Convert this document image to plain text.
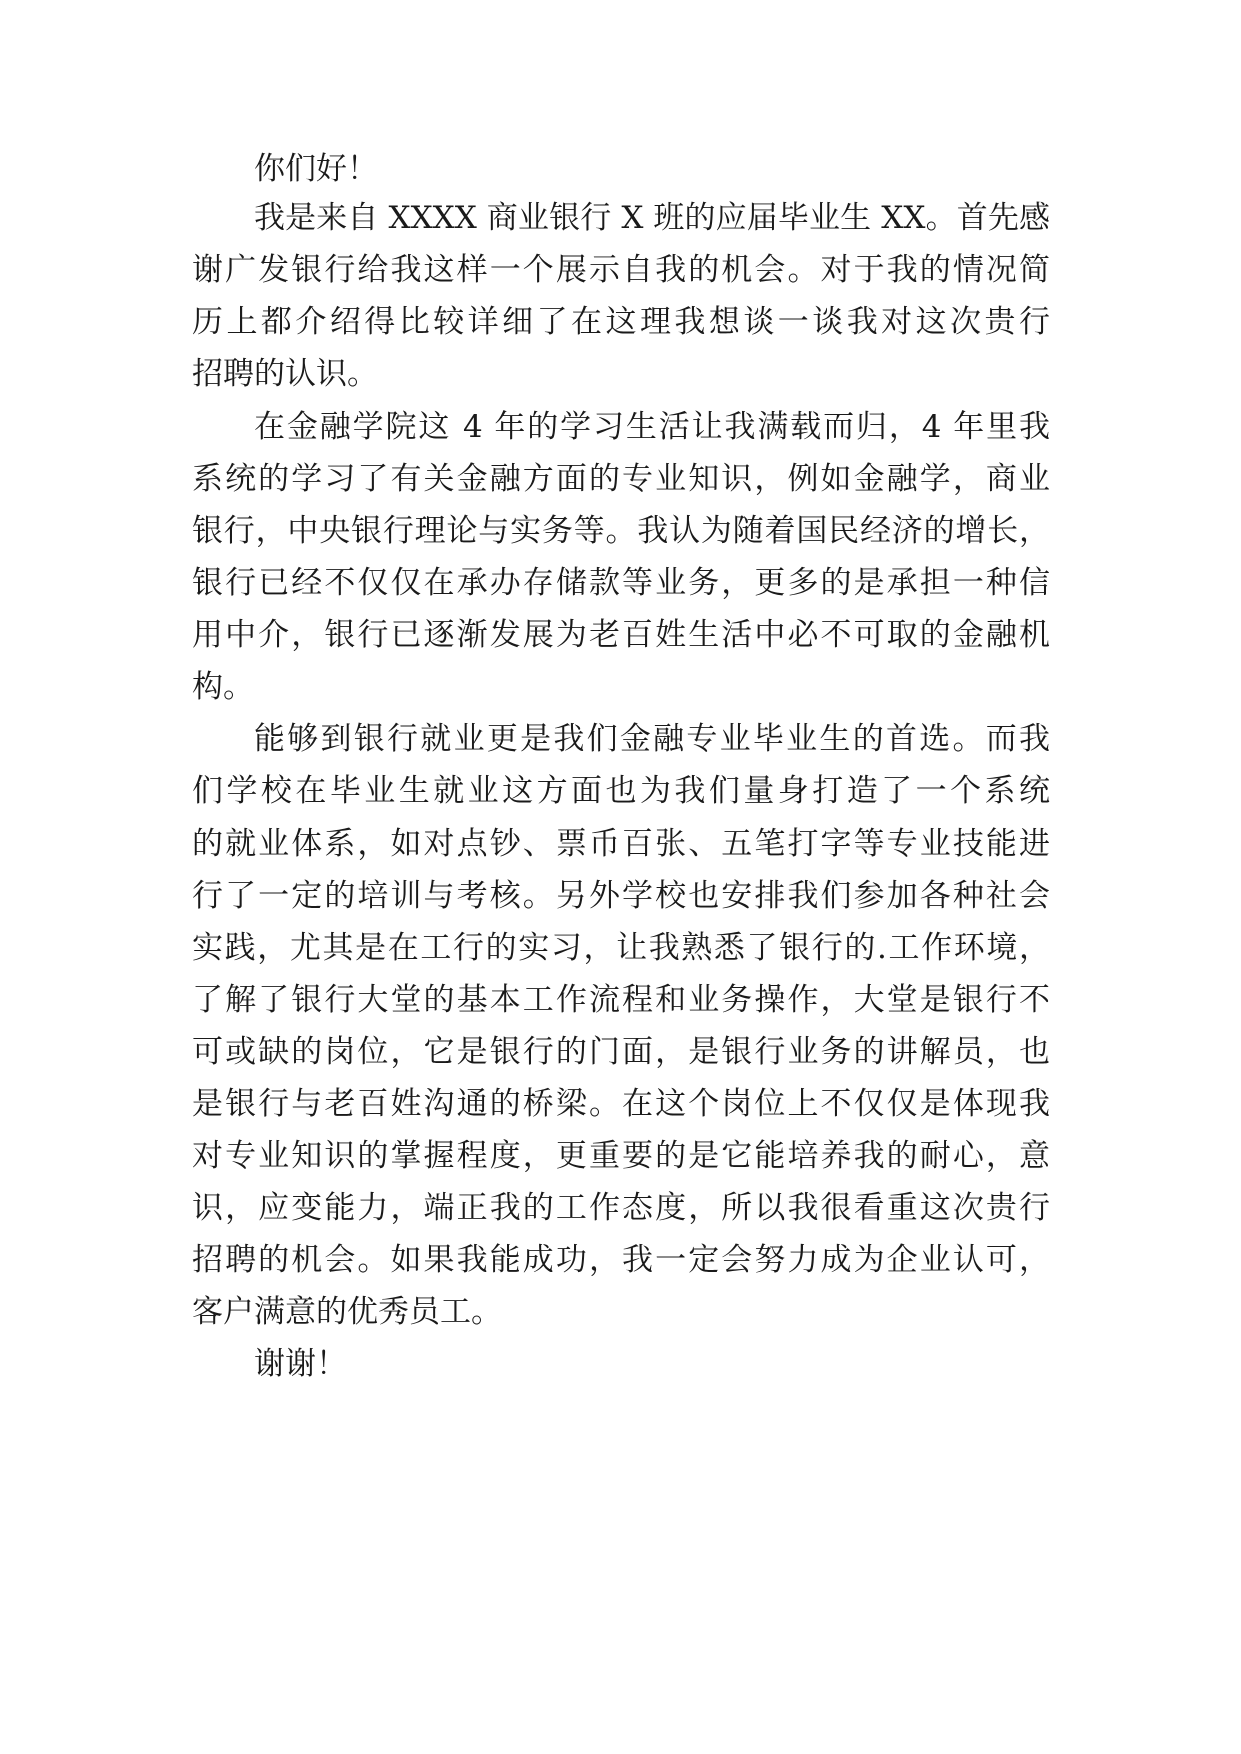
你们好！
我是来自 XXXX 商业银行 X 班的应届毕业生 XX。首先感
谢广发银行给我这样一个展示自我的机会。对于我的情况简
历上都介绍得比较详细了在这理我想谈一谈我对这次贵行
招聘的认识。
在金融学院这 4 年的学习生活让我满载而归，4 年里我
系统的学习了有关金融方面的专业知识，例如金融学，商业
银行，中央银行理论与实务等。我认为随着国民经济的增长，
银行已经不仅仅在承办存储款等业务，更多的是承担一种信
用中介，银行已逐渐发展为老百姓生活中必不可取的金融机
构。
能够到银行就业更是我们金融专业毕业生的首选。而我
们学校在毕业生就业这方面也为我们量身打造了一个系统
的就业体系，如对点钞、票币百张、五笔打字等专业技能进
行了一定的培训与考核。另外学校也安排我们参加各种社会
实践，尤其是在工行的实习，让我熟悉了银行的.工作环境，
了解了银行大堂的基本工作流程和业务操作，大堂是银行不
可或缺的岗位，它是银行的门面，是银行业务的讲解员，也
是银行与老百姓沟通的桥梁。在这个岗位上不仅仅是体现我
对专业知识的掌握程度，更重要的是它能培养我的耐心，意
识，应变能力，端正我的工作态度，所以我很看重这次贵行
招聘的机会。如果我能成功，我一定会努力成为企业认可，
客户满意的优秀员工。
谢谢！
